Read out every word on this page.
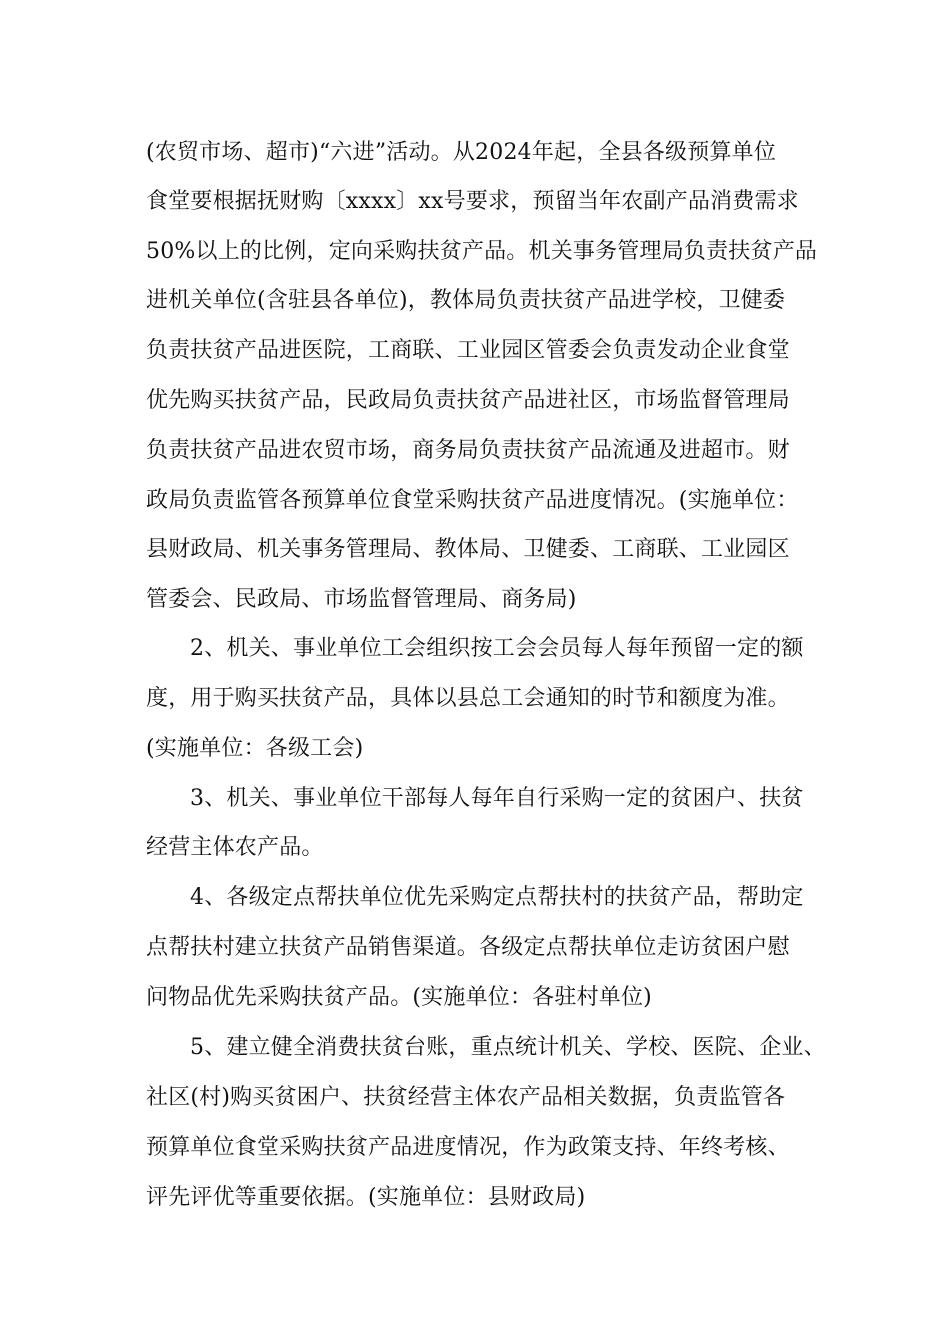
(农贸市场、超市)“六进”活动。从2024年起，全县各级预算单位
食堂要根据抚财购〔xxxx〕xx号要求，预留当年农副产品消费需求
50%以上的比例，定向采购扶贫产品。机关事务管理局负责扶贫产品
进机关单位(含驻县各单位)，教体局负责扶贫产品进学校，卫健委
负责扶贫产品进医院，工商联、工业园区管委会负责发动企业食堂
优先购买扶贫产品，民政局负责扶贫产品进社区，市场监督管理局
负责扶贫产品进农贸市场，商务局负责扶贫产品流通及进超市。财
政局负责监管各预算单位食堂采购扶贫产品进度情况。(实施单位：
县财政局、机关事务管理局、教体局、卫健委、工商联、工业园区
管委会、民政局、市场监督管理局、商务局)
2、机关、事业单位工会组织按工会会员每人每年预留一定的额
度，用于购买扶贫产品，具体以县总工会通知的时节和额度为准。
(实施单位：各级工会)
3、机关、事业单位干部每人每年自行采购一定的贫困户、扶贫
经营主体农产品。
4、各级定点帮扶单位优先采购定点帮扶村的扶贫产品，帮助定
点帮扶村建立扶贫产品销售渠道。各级定点帮扶单位走访贫困户慰
问物品优先采购扶贫产品。(实施单位：各驻村单位)
5、建立健全消费扶贫台账，重点统计机关、学校、医院、企业、
社区(村)购买贫困户、扶贫经营主体农产品相关数据，负责监管各
预算单位食堂采购扶贫产品进度情况，作为政策支持、年终考核、
评先评优等重要依据。(实施单位：县财政局)
